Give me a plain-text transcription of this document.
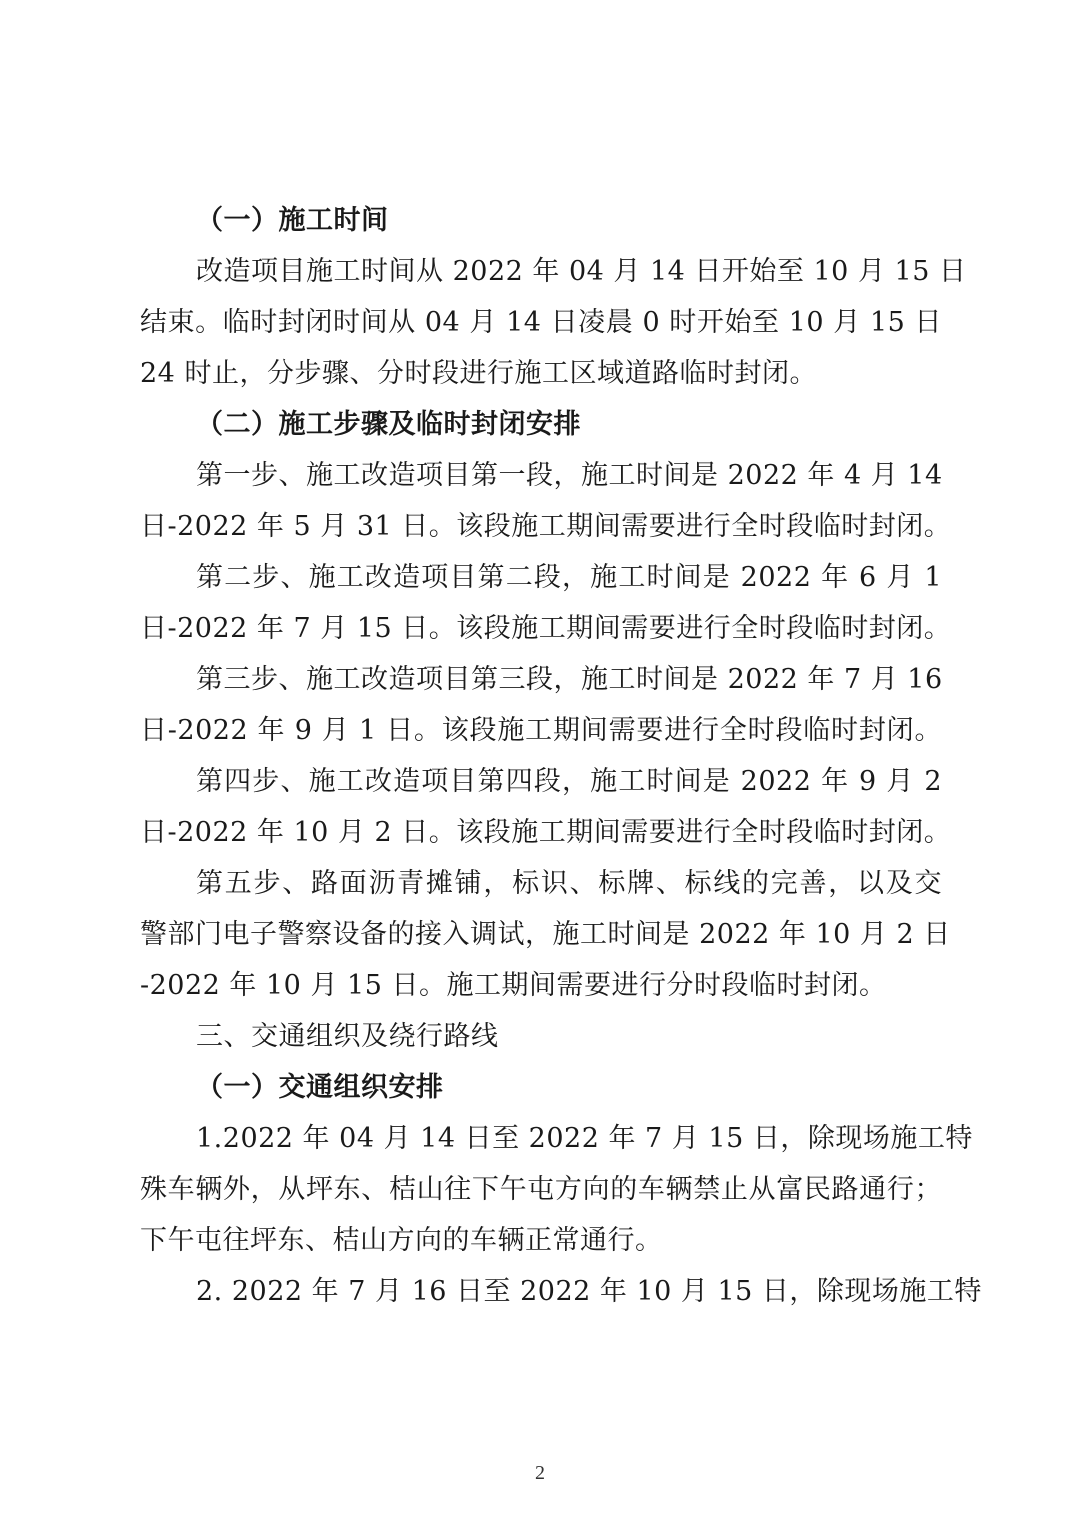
（一）施工时间
改造项目施工时间从 2022 年 04 月 14 日开始至 10 月 15 日
结束。临时封闭时间从 04 月 14 日凌晨 0 时开始至 10 月 15 日
24 时止，分步骤、分时段进行施工区域道路临时封闭。
（二）施工步骤及临时封闭安排
第一步、施工改造项目第一段，施工时间是 2022 年 4 月 14
日-2022 年 5 月 31 日。该段施工期间需要进行全时段临时封闭。
第二步、施工改造项目第二段，施工时间是 2022 年 6 月 1
日-2022 年 7 月 15 日。该段施工期间需要进行全时段临时封闭。
第三步、施工改造项目第三段，施工时间是 2022 年 7 月 16
日-2022 年 9 月 1 日。该段施工期间需要进行全时段临时封闭。
第四步、施工改造项目第四段，施工时间是 2022 年 9 月 2
日-2022 年 10 月 2 日。该段施工期间需要进行全时段临时封闭。
第五步、路面沥青摊铺，标识、标牌、标线的完善，以及交
警部门电子警察设备的接入调试，施工时间是 2022 年 10 月 2 日
-2022 年 10 月 15 日。施工期间需要进行分时段临时封闭。
三、交通组织及绕行路线
（一）交通组织安排
1.2022 年 04 月 14 日至 2022 年 7 月 15 日，除现场施工特
殊车辆外，从坪东、桔山往下午屯方向的车辆禁止从富民路通行；
下午屯往坪东、桔山方向的车辆正常通行。
2. 2022 年 7 月 16 日至 2022 年 10 月 15 日，除现场施工特
2
